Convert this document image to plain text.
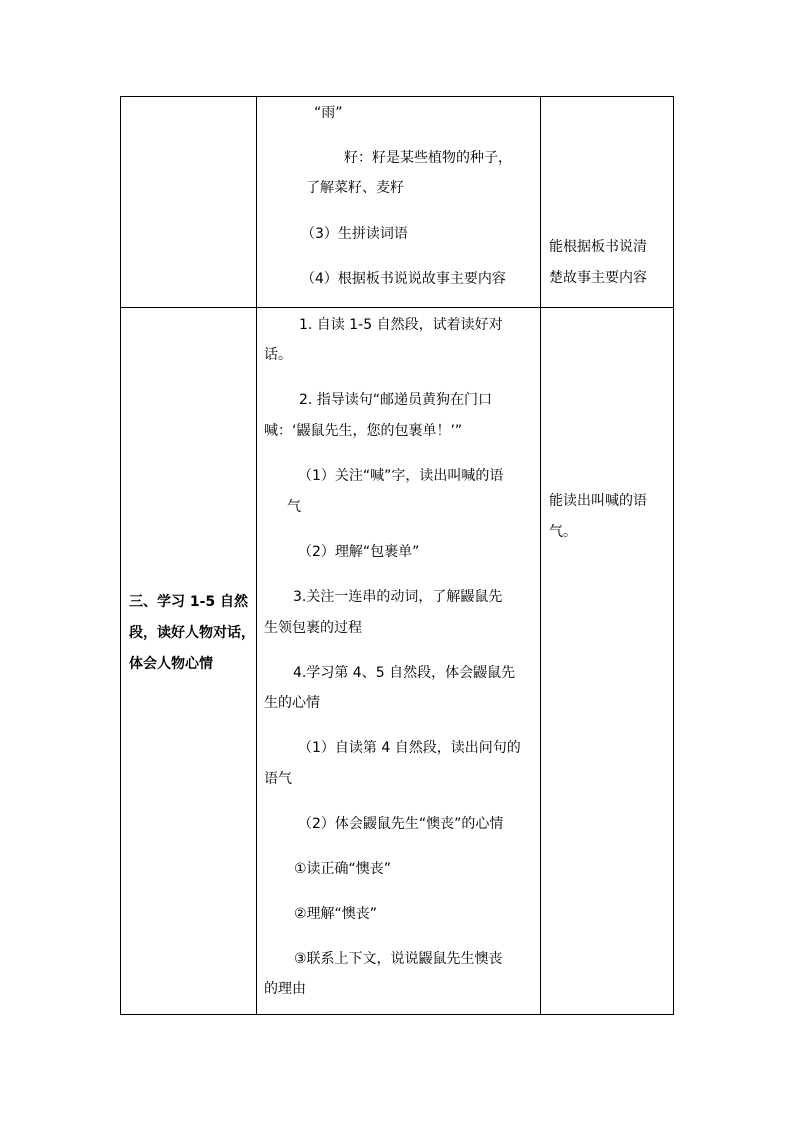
“雨”
籽：籽是某些植物的种子，
了解菜籽、麦籽
（3）生拼读词语
（4）根据板书说说故事主要内容
能根据板书说清
楚故事主要内容
三、学习 1-5 自然
段，读好人物对话，
体会人物心情
1. 自读 1-5 自然段，试着读好对
话。
2. 指导读句“邮递员黄狗在门口
喊：‘鼹鼠先生，您的包裹单！’”
（1）关注“喊”字，读出叫喊的语
气
（2）理解“包裹单”
3.关注一连串的动词，了解鼹鼠先
生领包裹的过程
4.学习第 4、5 自然段，体会鼹鼠先
生的心情
（1）自读第 4 自然段，读出问句的
语气
（2）体会鼹鼠先生“懊丧”的心情
①读正确“懊丧”
②理解“懊丧”
③联系上下文，说说鼹鼠先生懊丧
的理由
能读出叫喊的语
气。
